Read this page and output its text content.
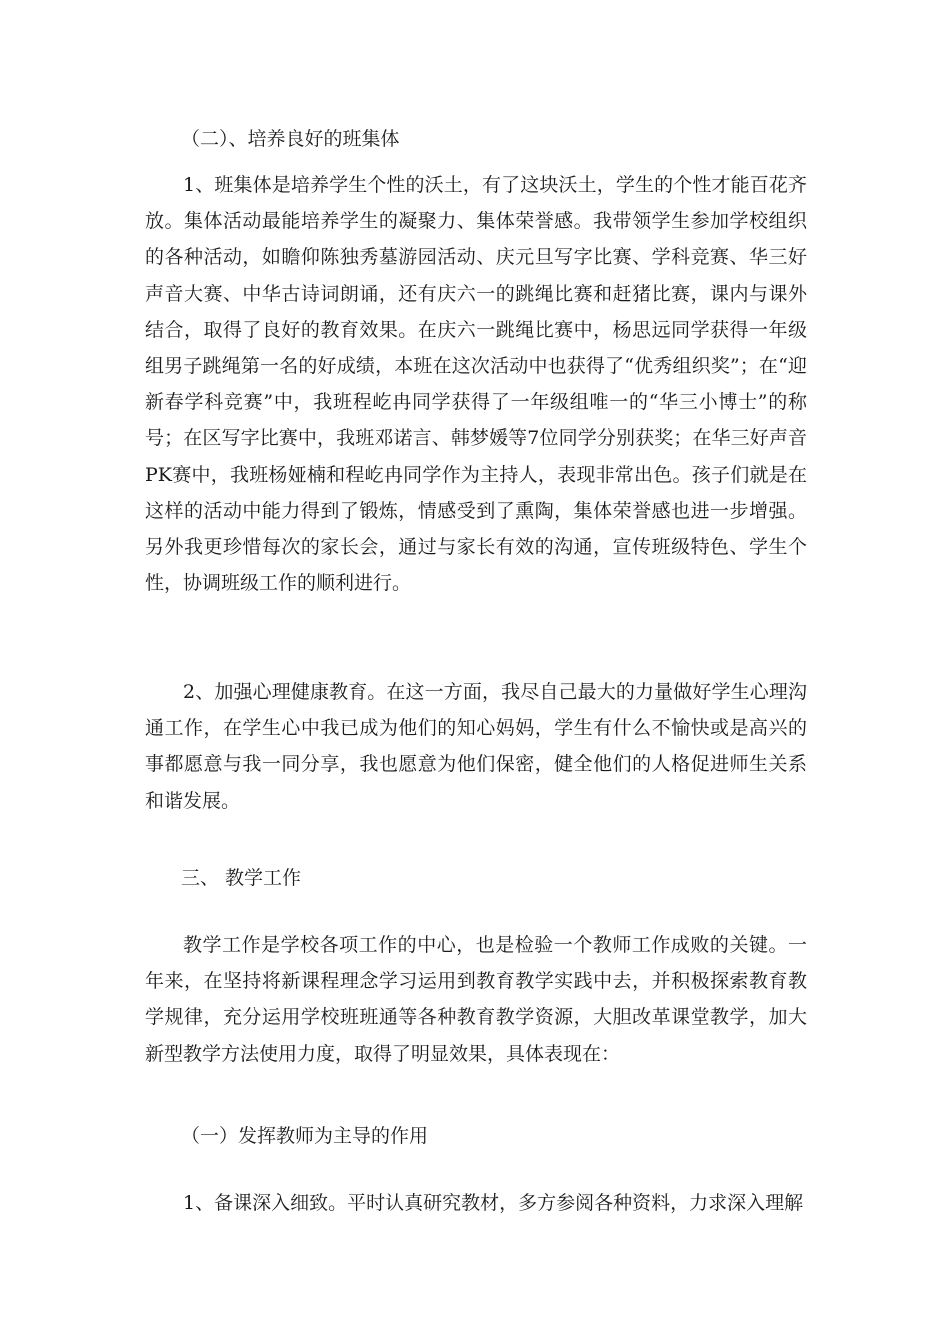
（二）、培养良好的班集体

1、班集体是培养学生个性的沃土，有了这块沃土，学生的个性才能百花齐放。集体活动最能培养学生的凝聚力、集体荣誉感。我带领学生参加学校组织的各种活动，如瞻仰陈独秀墓游园活动、庆元旦写字比赛、学科竞赛、华三好声音大赛、中华古诗词朗诵，还有庆六一的跳绳比赛和赶猪比赛，课内与课外结合，取得了良好的教育效果。在庆六一跳绳比赛中，杨思远同学获得一年级组男子跳绳第一名的好成绩，本班在这次活动中也获得了“优秀组织奖”；在“迎新春学科竞赛”中，我班程屹冉同学获得了一年级组唯一的“华三小博士”的称号；在区写字比赛中，我班邓诺言、韩梦媛等7位同学分别获奖；在华三好声音PK赛中，我班杨娅楠和程屹冉同学作为主持人，表现非常出色。孩子们就是在这样的活动中能力得到了锻炼，情感受到了熏陶，集体荣誉感也进一步增强。另外我更珍惜每次的家长会，通过与家长有效的沟通，宣传班级特色、学生个性，协调班级工作的顺利进行。

2、加强心理健康教育。在这一方面，我尽自己最大的力量做好学生心理沟通工作，在学生心中我已成为他们的知心妈妈，学生有什么不愉快或是高兴的事都愿意与我一同分享，我也愿意为他们保密，健全他们的人格促进师生关系和谐发展。

三、 教学工作

教学工作是学校各项工作的中心，也是检验一个教师工作成败的关键。一年来，在坚持将新课程理念学习运用到教育教学实践中去，并积极探索教育教学规律，充分运用学校班班通等各种教育教学资源，大胆改革课堂教学，加大新型教学方法使用力度，取得了明显效果，具体表现在：

（一）发挥教师为主导的作用

1、备课深入细致。平时认真研究教材，多方参阅各种资料，力求深入理解
